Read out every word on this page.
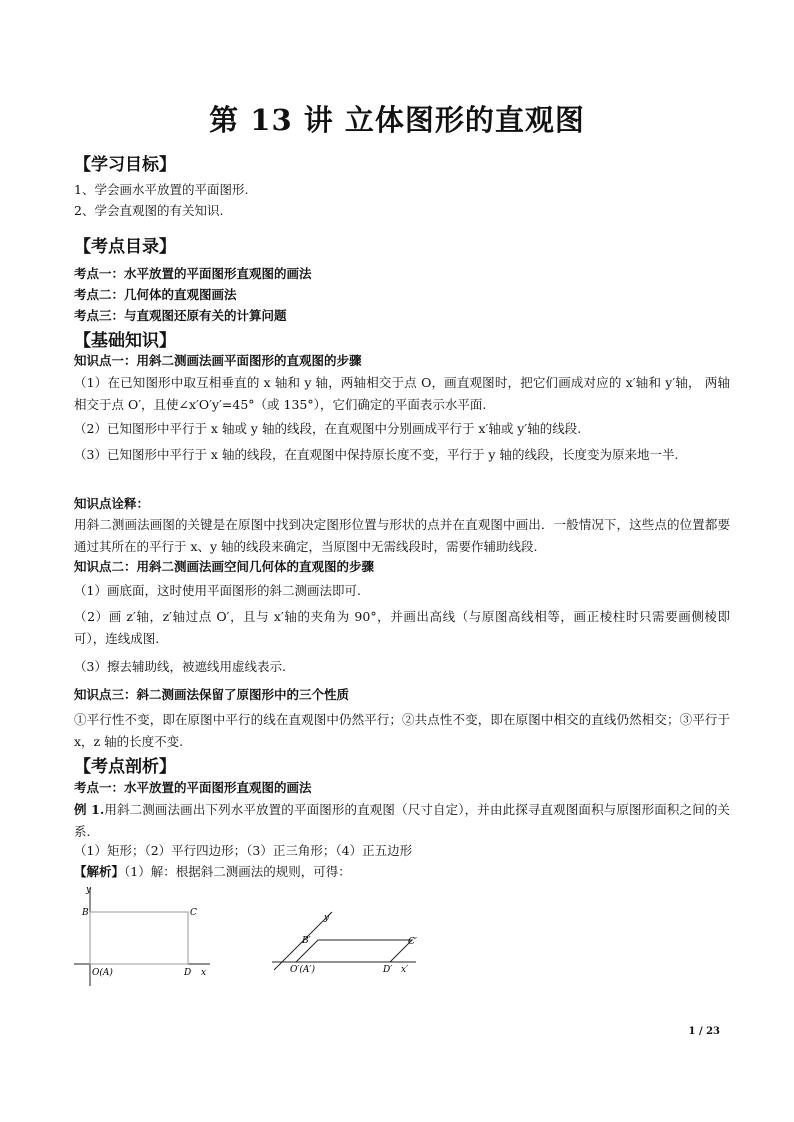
第 13 讲 立体图形的直观图
【学习目标】
1、学会画水平放置的平面图形.
2、学会直观图的有关知识.
【考点目录】
考点一：水平放置的平面图形直观图的画法
考点二：几何体的直观图画法
考点三：与直观图还原有关的计算问题
【基础知识】
知识点一：用斜二测画法画平面图形的直观图的步骤
（1）在已知图形中取互相垂直的 x 轴和 y 轴，两轴相交于点 O，画直观图时，把它们画成对应的 x′轴和 y′轴， 两轴相交于点 O′，且使∠x′O′y′=45°（或 135°），它们确定的平面表示水平面.
（2）已知图形中平行于 x 轴或 y 轴的线段，在直观图中分别画成平行于 x′轴或 y′轴的线段.
（3）已知图形中平行于 x 轴的线段，在直观图中保持原长度不变，平行于 y 轴的线段，长度变为原来地一半.
知识点诠释：
用斜二测画法画图的关键是在原图中找到决定图形位置与形状的点并在直观图中画出．一般情况下，这些点的位置都要通过其所在的平行于 x、y 轴的线段来确定，当原图中无需线段时，需要作辅助线段.
知识点二：用斜二测画法画空间几何体的直观图的步骤
（1）画底面，这时使用平面图形的斜二测画法即可.
（2）画 z′轴，z′轴过点 O′，且与 x′轴的夹角为 90°，并画出高线（与原图高线相等，画正棱柱时只需要画侧棱即可），连线成图.
（3）擦去辅助线，被遮线用虚线表示.
知识点三：斜二测画法保留了原图形中的三个性质
①平行性不变，即在原图中平行的线在直观图中仍然平行；②共点性不变，即在原图中相交的直线仍然相交；③平行于 x，z 轴的长度不变.
【考点剖析】
考点一：水平放置的平面图形直观图的画法
例 1.用斜二测画法画出下列水平放置的平面图形的直观图（尺寸自定），并由此探寻直观图面积与原图形面积之间的关系.
（1）矩形；（2）平行四边形；（3）正三角形；（4）正五边形
【解析】（1）解：根据斜二测画法的规则，可得：
y
B	C
O(A)	D x
y′
B′	C′
O′(A′)	D′ x′
1 / 23
